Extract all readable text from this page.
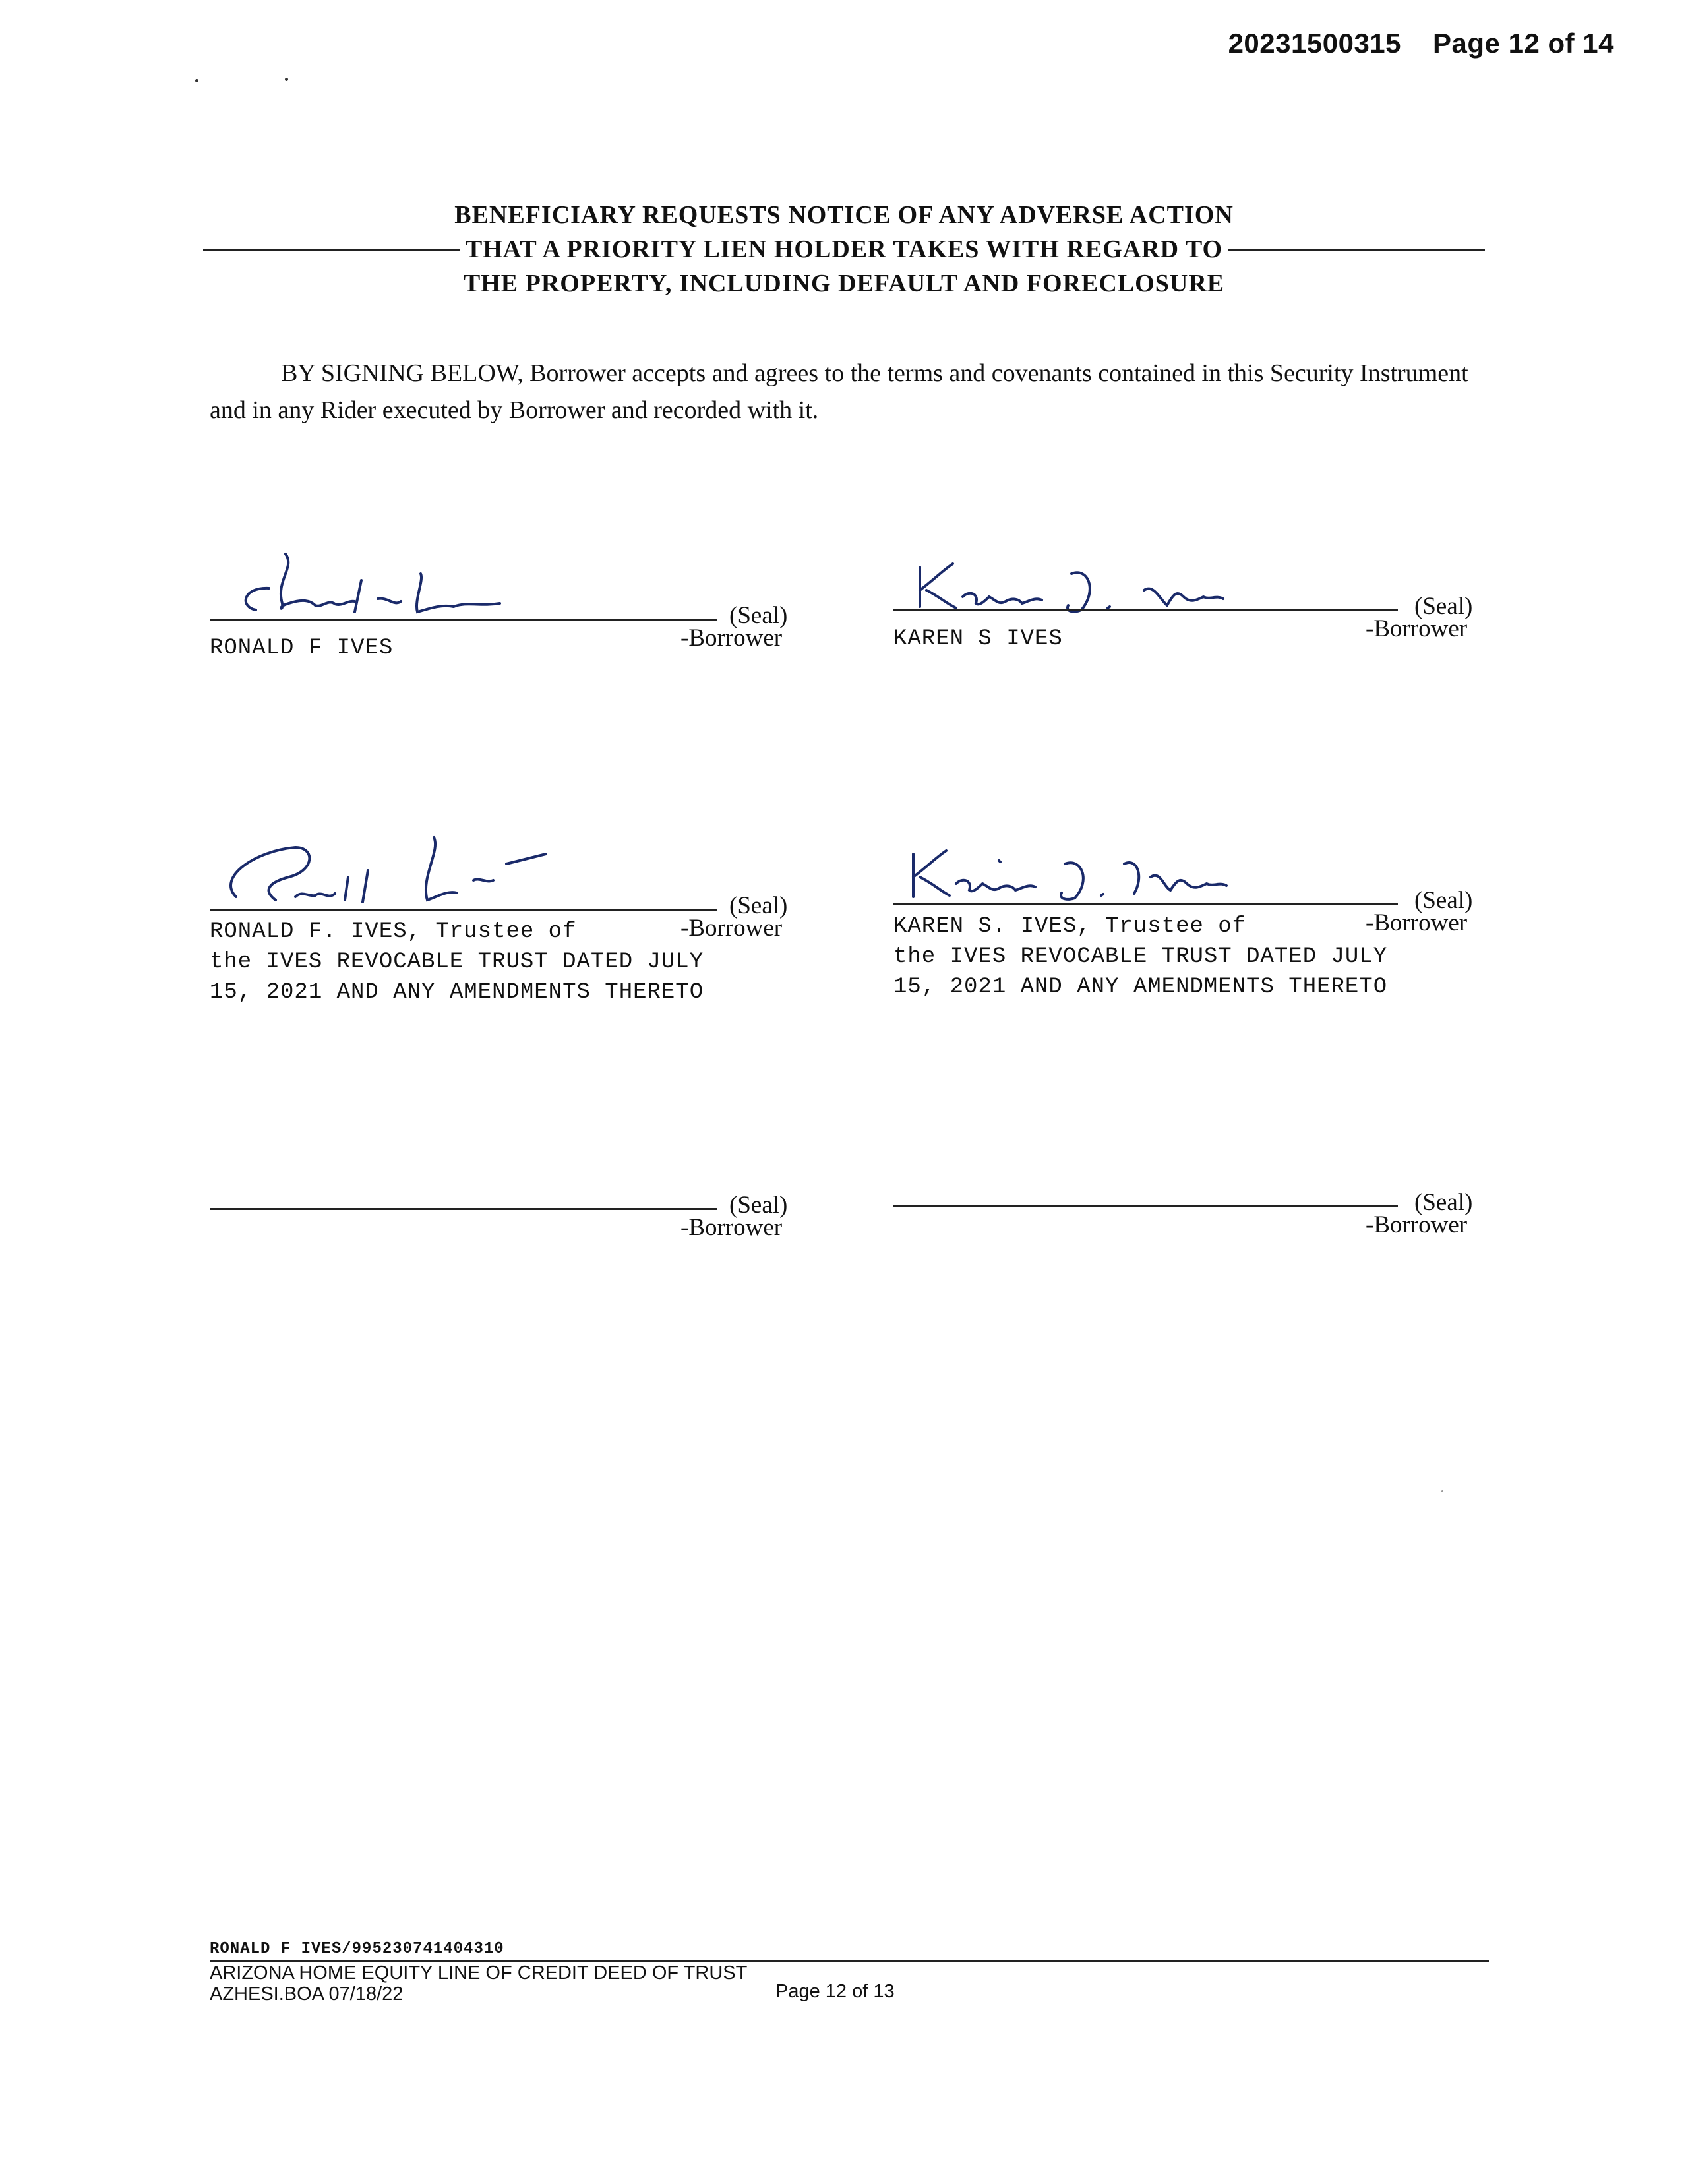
20231500315 Page 12 of 14
BENEFICIARY REQUESTS NOTICE OF ANY ADVERSE ACTION
THAT A PRIORITY LIEN HOLDER TAKES WITH REGARD TO
THE PROPERTY, INCLUDING DEFAULT AND FORECLOSURE
BY SIGNING BELOW, Borrower accepts and agrees to the terms and covenants contained in this Security Instrument and in any Rider executed by Borrower and recorded with it.
(Seal)
-Borrower
RONALD F IVES
(Seal)
-Borrower
KAREN S IVES
(Seal)
-Borrower
RONALD F. IVES, Trustee of
the IVES REVOCABLE TRUST DATED JULY
15, 2021 AND ANY AMENDMENTS THERETO
(Seal)
-Borrower
KAREN S. IVES, Trustee of
the IVES REVOCABLE TRUST DATED JULY
15, 2021 AND ANY AMENDMENTS THERETO
(Seal)
-Borrower
(Seal)
-Borrower
RONALD F IVES/995230741404310
ARIZONA HOME EQUITY LINE OF CREDIT DEED OF TRUST
AZHESI.BOA 07/18/22	Page 12 of 13
